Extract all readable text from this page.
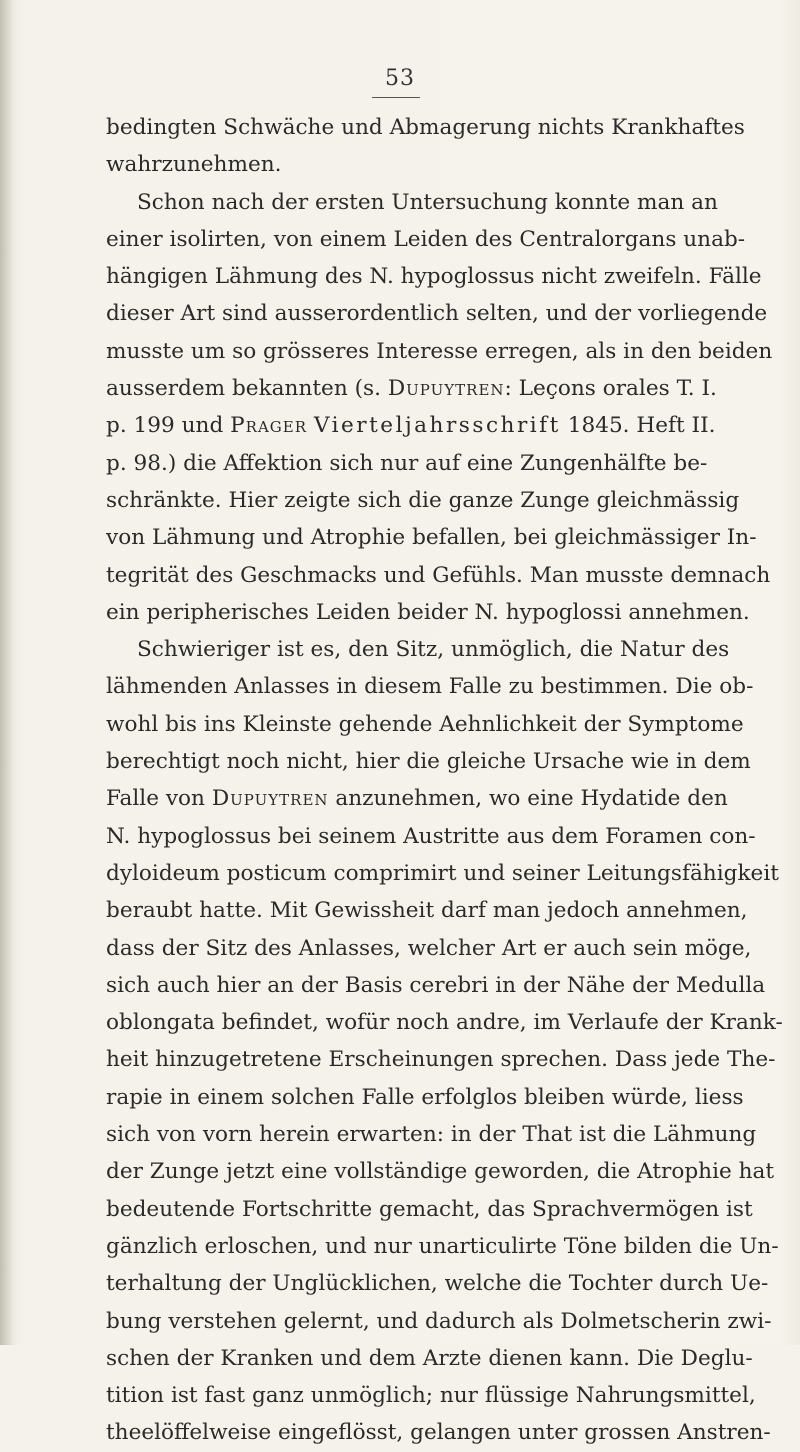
53
bedingten Schwäche und Abmagerung nichts Krankhaftes
wahrzunehmen.
Schon nach der ersten Untersuchung konnte man an
einer isolirten, von einem Leiden des Centralorgans unab-
hängigen Lähmung des N. hypoglossus nicht zweifeln. Fälle
dieser Art sind ausserordentlich selten, und der vorliegende
musste um so grösseres Interesse erregen, als in den beiden
ausserdem bekannten (s. Dupuytren: Leçons orales T. I.
p. 199 und Prager Vierteljahrsschrift 1845. Heft II.
p. 98.) die Affektion sich nur auf eine Zungenhälfte be-
schränkte. Hier zeigte sich die ganze Zunge gleichmässig
von Lähmung und Atrophie befallen, bei gleichmässiger In-
tegrität des Geschmacks und Gefühls. Man musste demnach
ein peripherisches Leiden beider N. hypoglossi annehmen.
Schwieriger ist es, den Sitz, unmöglich, die Natur des
lähmenden Anlasses in diesem Falle zu bestimmen. Die ob-
wohl bis ins Kleinste gehende Aehnlichkeit der Symptome
berechtigt noch nicht, hier die gleiche Ursache wie in dem
Falle von Dupuytren anzunehmen, wo eine Hydatide den
N. hypoglossus bei seinem Austritte aus dem Foramen con-
dyloideum posticum comprimirt und seiner Leitungsfähigkeit
beraubt hatte. Mit Gewissheit darf man jedoch annehmen,
dass der Sitz des Anlasses, welcher Art er auch sein möge,
sich auch hier an der Basis cerebri in der Nähe der Medulla
oblongata befindet, wofür noch andre, im Verlaufe der Krank-
heit hinzugetretene Erscheinungen sprechen. Dass jede The-
rapie in einem solchen Falle erfolglos bleiben würde, liess
sich von vorn herein erwarten: in der That ist die Lähmung
der Zunge jetzt eine vollständige geworden, die Atrophie hat
bedeutende Fortschritte gemacht, das Sprachvermögen ist
gänzlich erloschen, und nur unarticulirte Töne bilden die Un-
terhaltung der Unglücklichen, welche die Tochter durch Ue-
bung verstehen gelernt, und dadurch als Dolmetscherin zwi-
schen der Kranken und dem Arzte dienen kann. Die Deglu-
tition ist fast ganz unmöglich; nur flüssige Nahrungsmittel,
theelöffelweise eingeflösst, gelangen unter grossen Anstren-
